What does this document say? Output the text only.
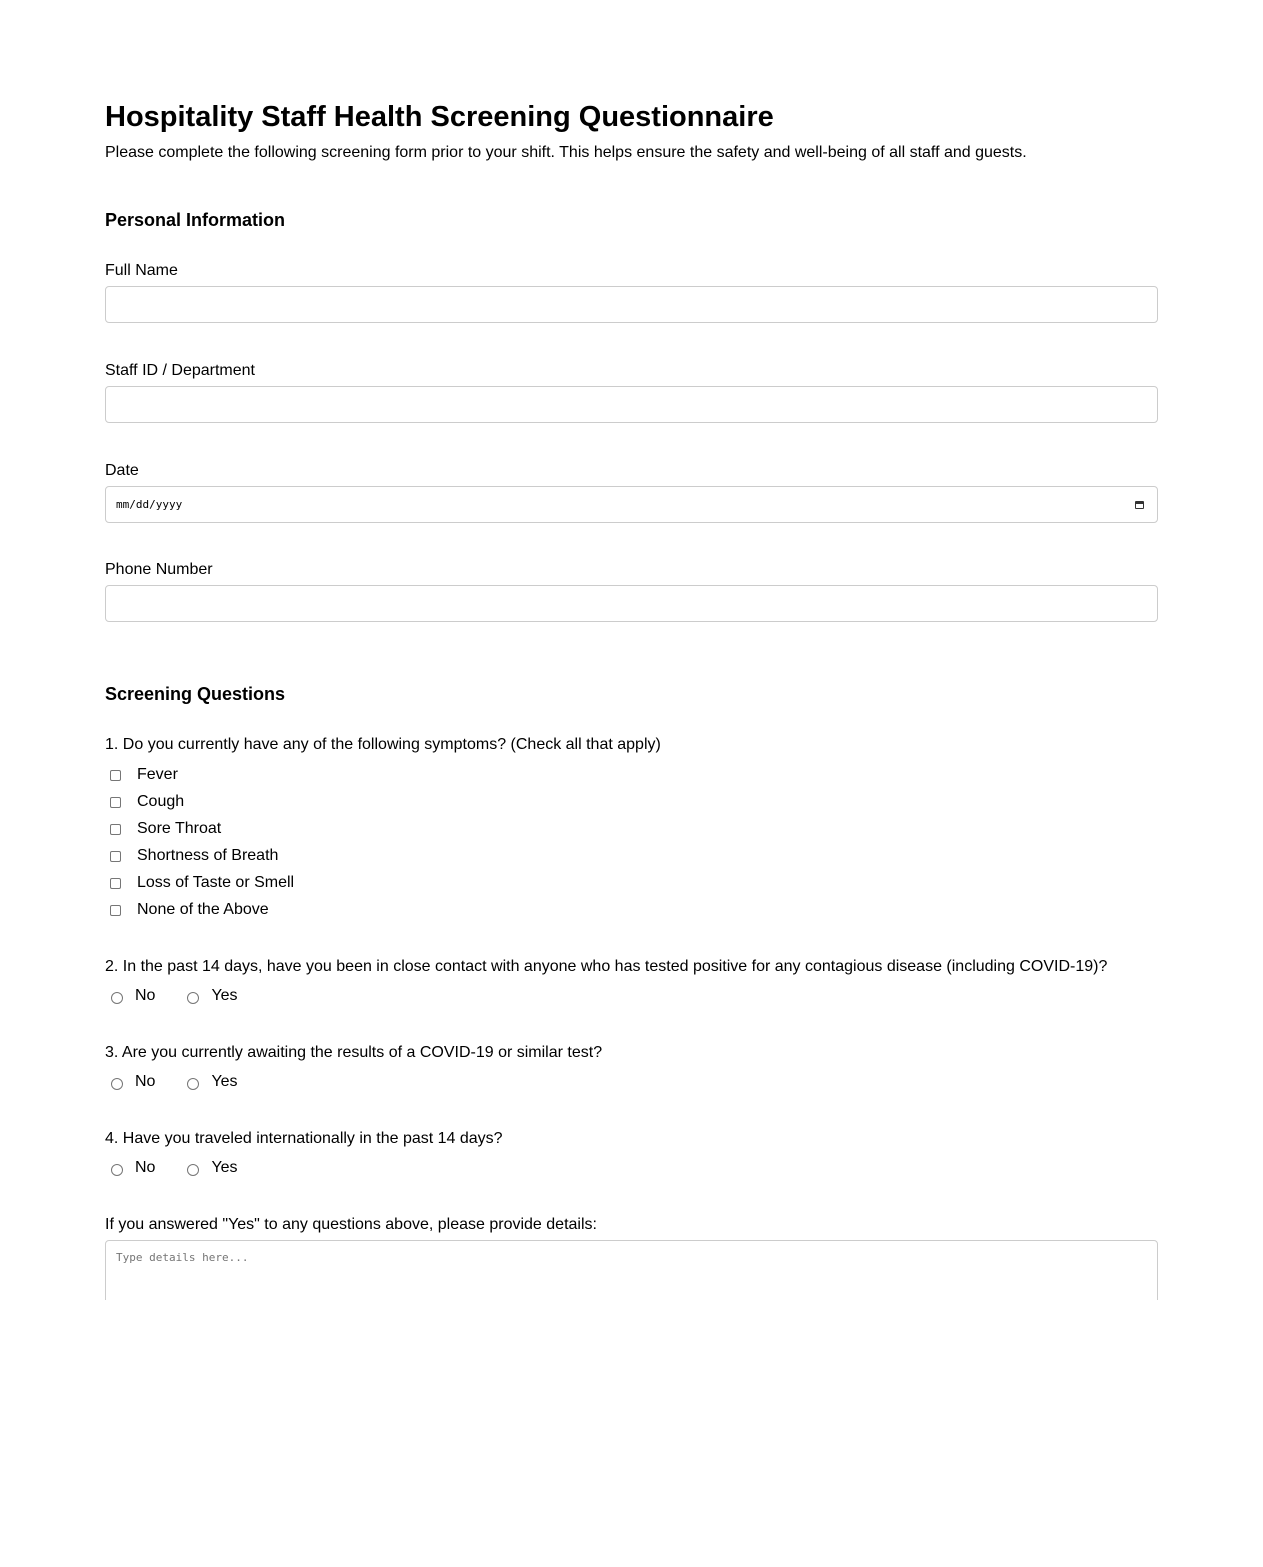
Hospitality Staff Health Screening Questionnaire
Please complete the following screening form prior to your shift. This helps ensure the safety and well-being of all staff and guests.
Personal Information
Full Name
Staff ID / Department
Date
mm/dd/yyyy
Phone Number
Screening Questions
1. Do you currently have any of the following symptoms? (Check all that apply)
Fever
Cough
Sore Throat
Shortness of Breath
Loss of Taste or Smell
None of the Above
2. In the past 14 days, have you been in close contact with anyone who has tested positive for any contagious disease (including COVID-19)?
No	Yes
3. Are you currently awaiting the results of a COVID-19 or similar test?
No	Yes
4. Have you traveled internationally in the past 14 days?
No	Yes
If you answered "Yes" to any questions above, please provide details:
Type details here...
